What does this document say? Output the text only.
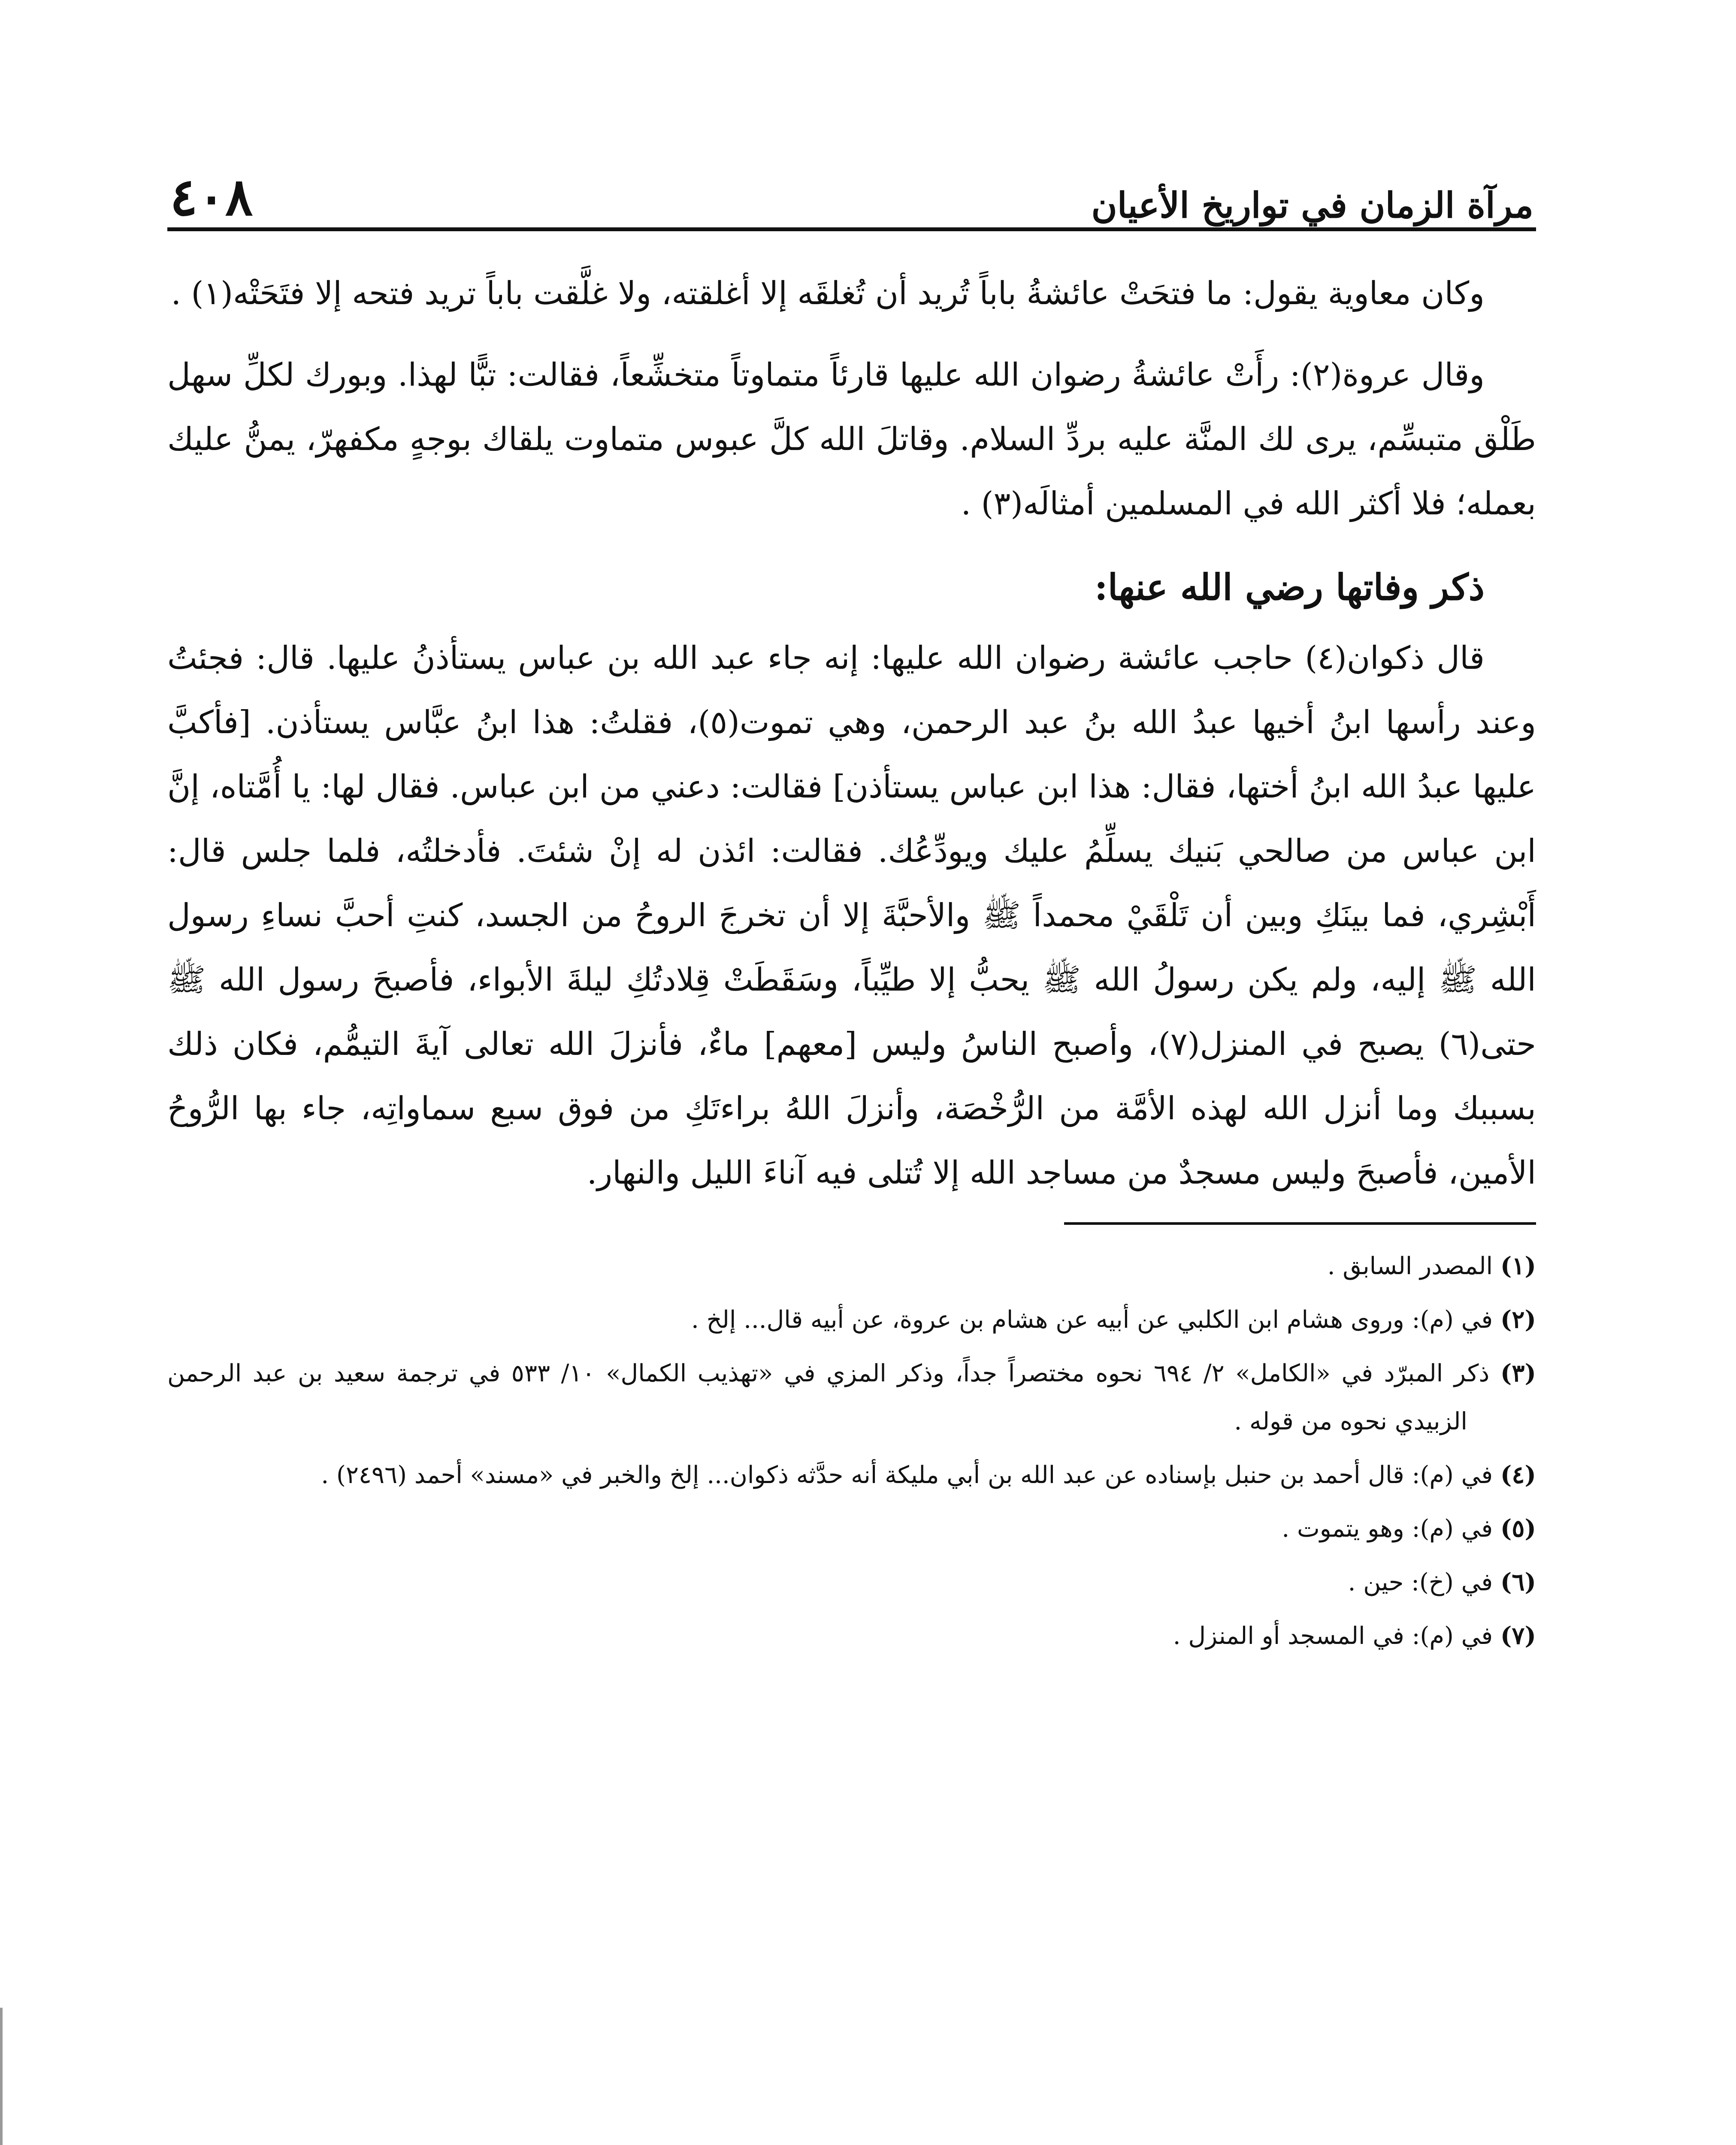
مرآة الزمان في تواريخ الأعيان
٤٠٨

وكان معاوية يقول: ما فتحَتْ عائشةُ باباً تُريد أن تُغلقَه إلا أغلقته، ولا غلَّقت باباً تريد فتحه إلا فتَحَتْه(١) .

وقال عروة(٢): رأَتْ عائشةُ رضوان الله عليها قارئاً متماوتاً متخشِّعاً، فقالت: تبًّا لهذا. وبورك لكلِّ سهل طَلْق متبسِّم، يرى لك المنَّة عليه بردِّ السلام. وقاتلَ الله كلَّ عبوس متماوت يلقاك بوجهٍ مكفهرّ، يمنُّ عليك بعمله؛ فلا أكثر الله في المسلمين أمثالَه(٣) .

ذكر وفاتها رضي الله عنها:

قال ذكوان(٤) حاجب عائشة رضوان الله عليها: إنه جاء عبد الله بن عباس يستأذنُ عليها. قال: فجئتُ وعند رأسها ابنُ أخيها عبدُ الله بنُ عبد الرحمن، وهي تموت(٥)، فقلتُ: هذا ابنُ عبَّاس يستأذن. [فأكبَّ عليها عبدُ الله ابنُ أختها، فقال: هذا ابن عباس يستأذن] فقالت: دعني من ابن عباس. فقال لها: يا أُمَّتاه، إنَّ ابن عباس من صالحي بَنيك يسلِّمُ عليك ويودِّعُك. فقالت: ائذن له إنْ شئتَ. فأدخلتُه، فلما جلس قال: أَبْشِري، فما بينَكِ وبين أن تَلْقَيْ محمداً ﷺ والأحبَّةَ إلا أن تخرجَ الروحُ من الجسد، كنتِ أحبَّ نساءِ رسول الله ﷺ إليه، ولم يكن رسولُ الله ﷺ يحبُّ إلا طيِّباً، وسَقَطَتْ قِلادتُكِ ليلةَ الأبواء، فأصبحَ رسول الله ﷺ حتى(٦) يصبح في المنزل(٧)، وأصبح الناسُ وليس [معهم] ماءٌ، فأنزلَ الله تعالى آيةَ التيمُّم، فكان ذلك بسببك وما أنزل الله لهذه الأمَّة من الرُّخْصَة، وأنزلَ اللهُ براءتَكِ من فوق سبع سماواتِه، جاء بها الرُّوحُ الأمين، فأصبحَ وليس مسجدٌ من مساجد الله إلا تُتلى فيه آناءَ الليل والنهار.

(١) المصدر السابق .

(٢) في (م): وروى هشام ابن الكلبي عن أبيه عن هشام بن عروة، عن أبيه قال... إلخ .

(٣) ذكر المبرّد في «الكامل» ٢/ ٦٩٤ نحوه مختصراً جداً، وذكر المزي في «تهذيب الكمال» ١٠/ ٥٣٣ في ترجمة سعيد بن عبد الرحمن الزبيدي نحوه من قوله .

(٤) في (م): قال أحمد بن حنبل بإسناده عن عبد الله بن أبي مليكة أنه حدَّثه ذكوان... إلخ والخبر في «مسند» أحمد (٢٤٩٦) .

(٥) في (م): وهو يتموت .

(٦) في (خ): حين .

(٧) في (م): في المسجد أو المنزل .
